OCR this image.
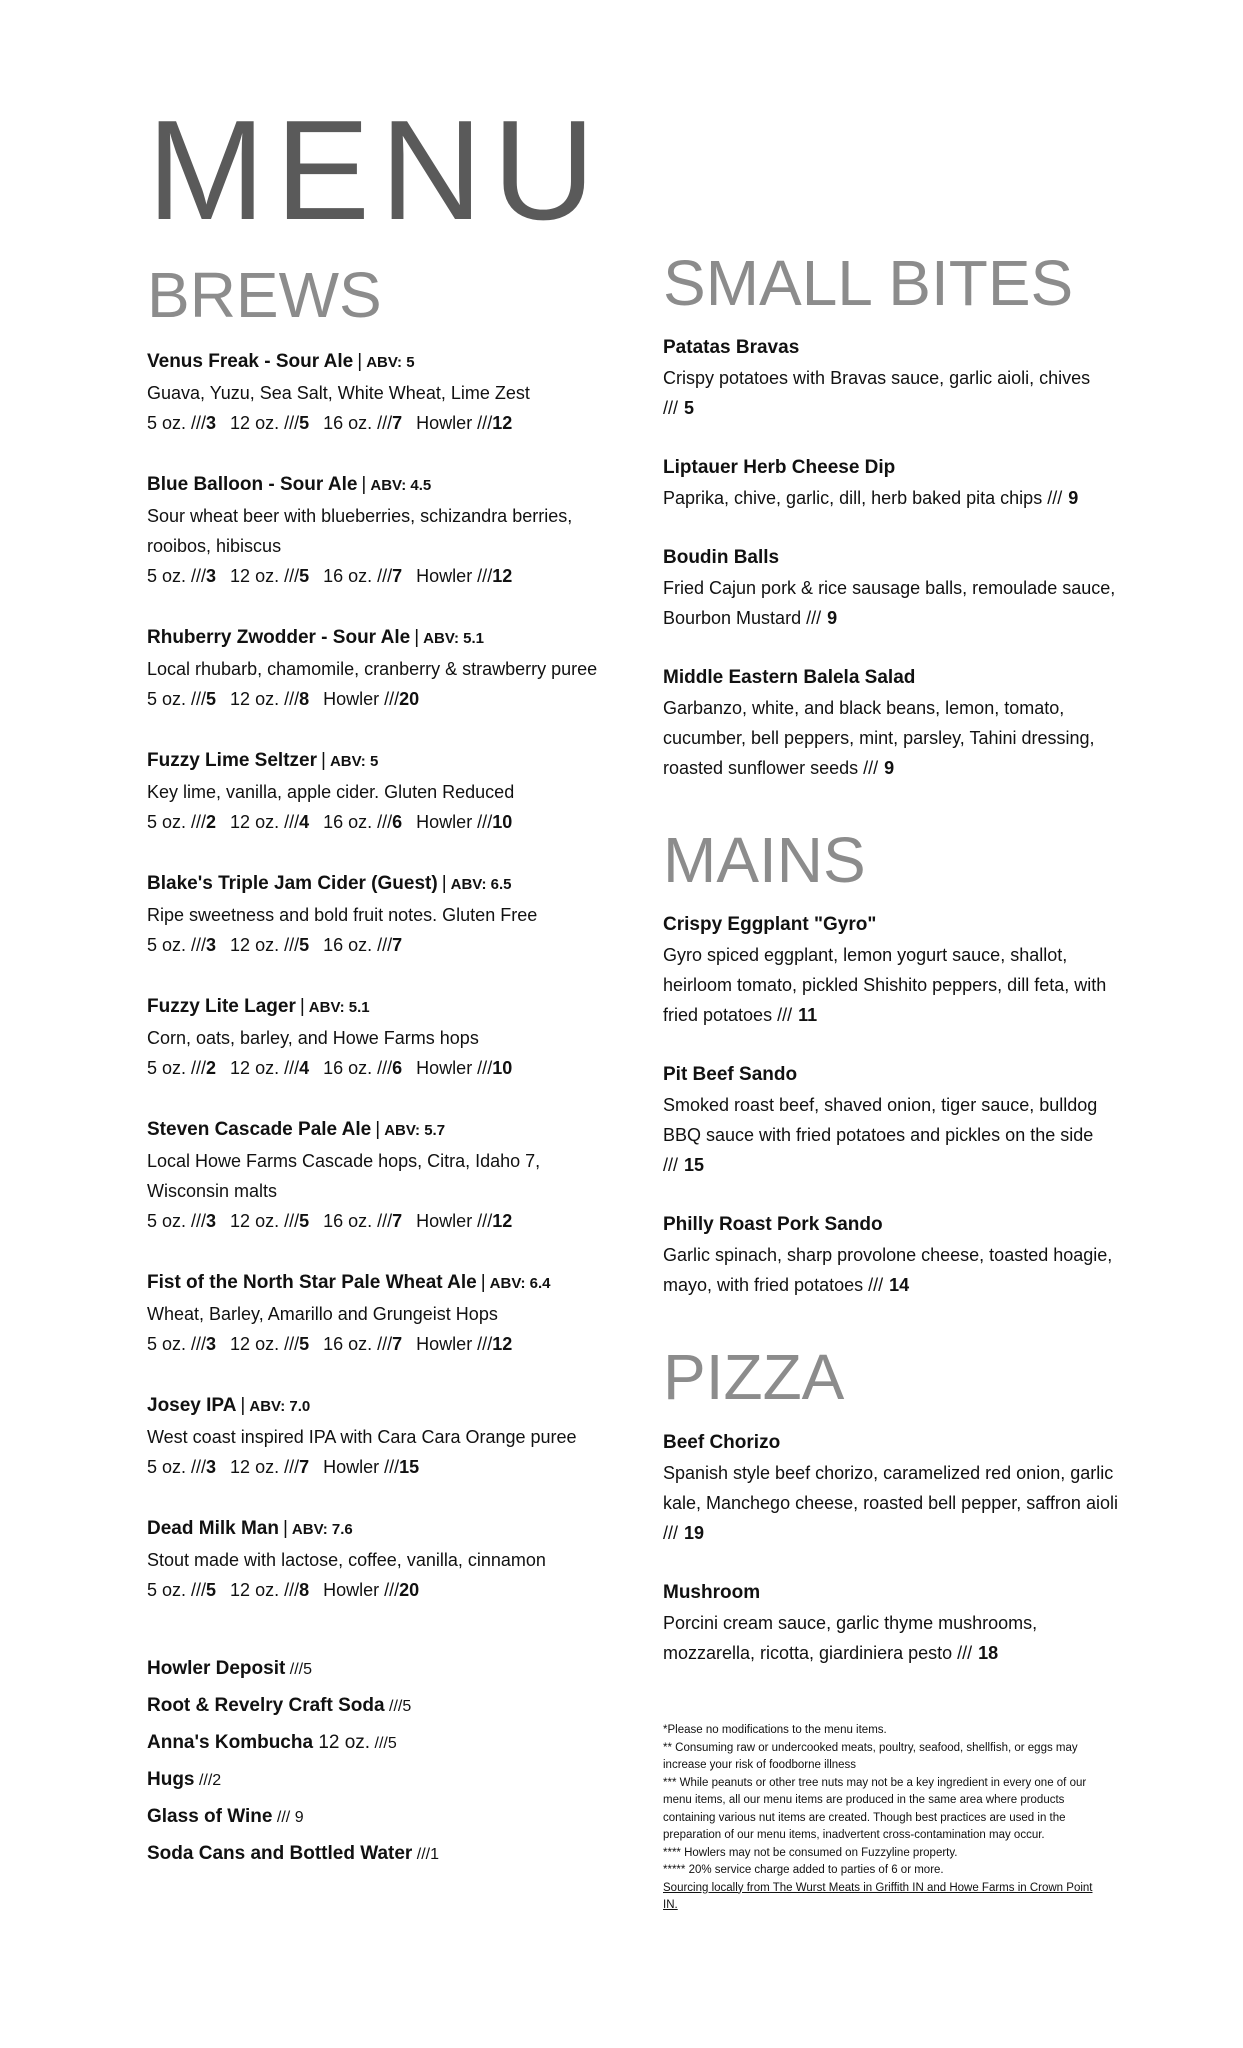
MENU
BREWS
Venus Freak - Sour Ale | ABV: 5
Guava, Yuzu, Sea Salt, White Wheat, Lime Zest
5 oz. ///3 12 oz. ///5 16 oz. ///7 Howler ///12
Blue Balloon - Sour Ale | ABV: 4.5
Sour wheat beer with blueberries, schizandra berries, rooibos, hibiscus
5 oz. ///3 12 oz. ///5 16 oz. ///7 Howler ///12
Rhuberry Zwodder - Sour Ale | ABV: 5.1
Local rhubarb, chamomile, cranberry & strawberry puree
5 oz. ///5 12 oz. ///8 Howler ///20
Fuzzy Lime Seltzer | ABV: 5
Key lime, vanilla, apple cider. Gluten Reduced
5 oz. ///2 12 oz. ///4 16 oz. ///6 Howler ///10
Blake's Triple Jam Cider (Guest) | ABV: 6.5
Ripe sweetness and bold fruit notes. Gluten Free
5 oz. ///3 12 oz. ///5 16 oz. ///7
Fuzzy Lite Lager | ABV: 5.1
Corn, oats, barley, and Howe Farms hops
5 oz. ///2 12 oz. ///4 16 oz. ///6 Howler ///10
Steven Cascade Pale Ale | ABV: 5.7
Local Howe Farms Cascade hops, Citra, Idaho 7, Wisconsin malts
5 oz. ///3 12 oz. ///5 16 oz. ///7 Howler ///12
Fist of the North Star Pale Wheat Ale | ABV: 6.4
Wheat, Barley, Amarillo and Grungeist Hops
5 oz. ///3 12 oz. ///5 16 oz. ///7 Howler ///12
Josey IPA | ABV: 7.0
West coast inspired IPA with Cara Cara Orange puree
5 oz. ///3 12 oz. ///7 Howler ///15
Dead Milk Man | ABV: 7.6
Stout made with lactose, coffee, vanilla, cinnamon
5 oz. ///5 12 oz. ///8 Howler ///20
Howler Deposit ///5
Root & Revelry Craft Soda ///5
Anna's Kombucha 12 oz. ///5
Hugs ///2
Glass of Wine /// 9
Soda Cans and Bottled Water ///1
SMALL BITES
Patatas Bravas
Crispy potatoes with Bravas sauce, garlic aioli, chives /// 5
Liptauer Herb Cheese Dip
Paprika, chive, garlic, dill, herb baked pita chips /// 9
Boudin Balls
Fried Cajun pork & rice sausage balls, remoulade sauce, Bourbon Mustard /// 9
Middle Eastern Balela Salad
Garbanzo, white, and black beans, lemon, tomato, cucumber, bell peppers, mint, parsley, Tahini dressing, roasted sunflower seeds /// 9
MAINS
Crispy Eggplant "Gyro"
Gyro spiced eggplant, lemon yogurt sauce, shallot, heirloom tomato, pickled Shishito peppers, dill feta, with fried potatoes /// 11
Pit Beef Sando
Smoked roast beef, shaved onion, tiger sauce, bulldog BBQ sauce with fried potatoes and pickles on the side /// 15
Philly Roast Pork Sando
Garlic spinach, sharp provolone cheese, toasted hoagie, mayo, with fried potatoes /// 14
PIZZA
Beef Chorizo
Spanish style beef chorizo, caramelized red onion, garlic kale, Manchego cheese, roasted bell pepper, saffron aioli /// 19
Mushroom
Porcini cream sauce, garlic thyme mushrooms, mozzarella, ricotta, giardiniera pesto /// 18

*Please no modifications to the menu items.

** Consuming raw or undercooked meats, poultry, seafood, shellfish, or eggs may increase your risk of foodborne illness

*** While peanuts or other tree nuts may not be a key ingredient in every one of our menu items, all our menu items are produced in the same area where products containing various nut items are created. Though best practices are used in the preparation of our menu items, inadvertent cross-contamination may occur.

**** Howlers may not be consumed on Fuzzyline property.

***** 20% service charge added to parties of 6 or more.

Sourcing locally from The Wurst Meats in Griffith IN and Howe Farms in Crown Point IN.
